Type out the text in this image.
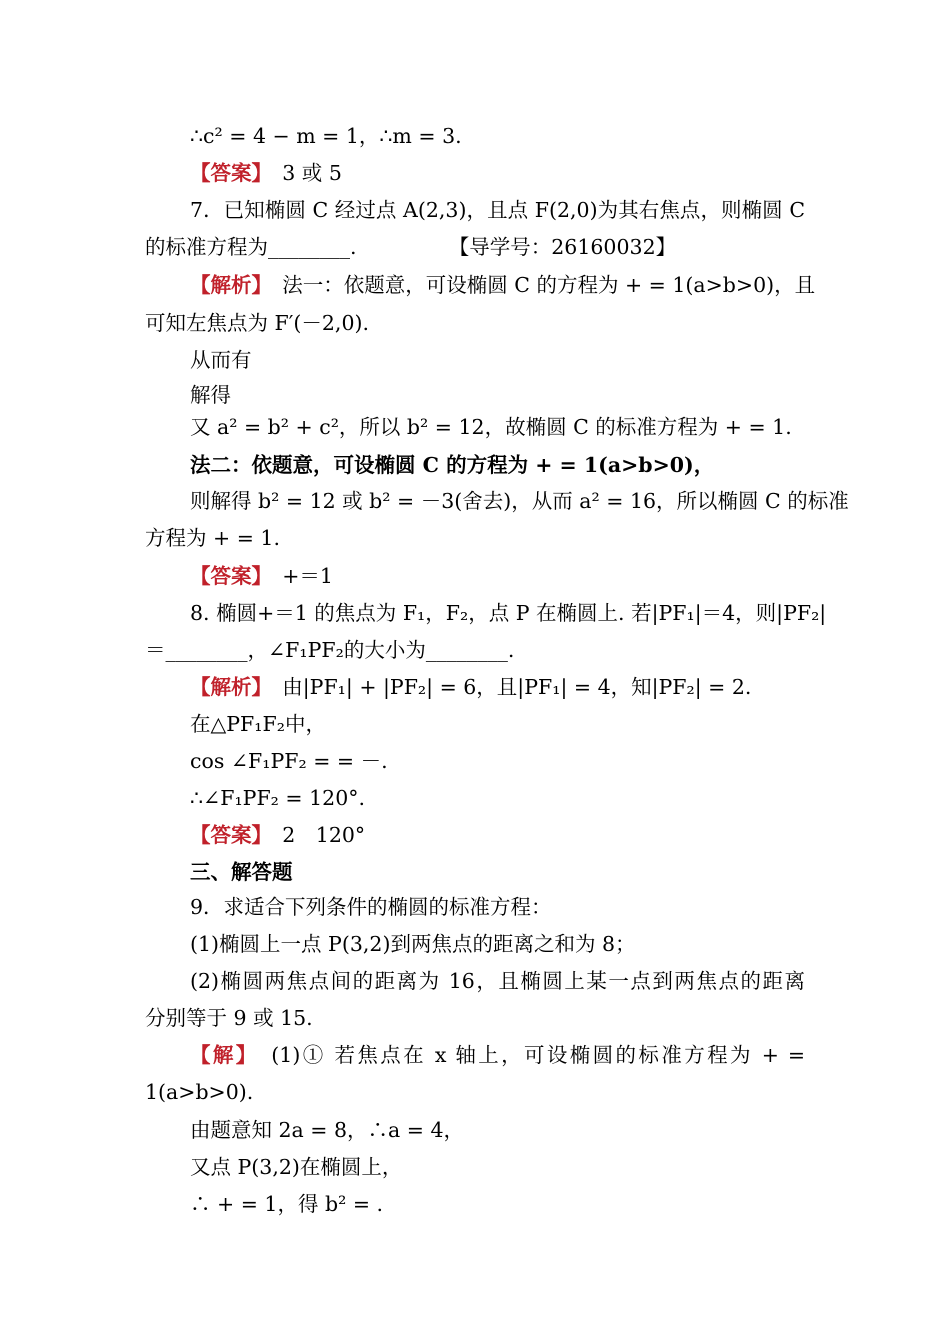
∴c² = 4 − m = 1，∴m = 3.
【答案】　3 或 5
7．已知椭圆 C 经过点 A(2,3)，且点 F(2,0)为其右焦点，则椭圆 C
的标准方程为________.　　　　　【导学号：26160032】
【解析】　法一：依题意，可设椭圆 C 的方程为 + = 1(a>b>0)，且
可知左焦点为 F′(－2,0).
从而有
解得
又 a² = b² + c²，所以 b² = 12，故椭圆 C 的标准方程为 + = 1.
法二：依题意，可设椭圆 C 的方程为 + = 1(a>b>0)，
则解得 b² = 12 或 b² = －3(舍去)，从而 a² = 16，所以椭圆 C 的标准
方程为 + = 1.
【答案】　+＝1
8. 椭圆+＝1 的焦点为 F₁，F₂，点 P 在椭圆上. 若|PF₁|＝4，则|PF₂|
＝________，∠F₁PF₂的大小为________.
【解析】　由|PF₁| + |PF₂| = 6，且|PF₁| = 4，知|PF₂| = 2.
在△PF₁F₂中，
cos ∠F₁PF₂ = = －.
∴∠F₁PF₂ = 120°.
【答案】　2　120°
三、解答题
9．求适合下列条件的椭圆的标准方程：
(1)椭圆上一点 P(3,2)到两焦点的距离之和为 8；
(2)椭圆两焦点间的距离为 16，且椭圆上某一点到两焦点的距离
分别等于 9 或 15.
【解】　(1)① 若焦点在 x 轴上，可设椭圆的标准方程为 + =
1(a>b>0).
由题意知 2a = 8，∴a = 4，
又点 P(3,2)在椭圆上，
∴ + = 1，得 b² = .
